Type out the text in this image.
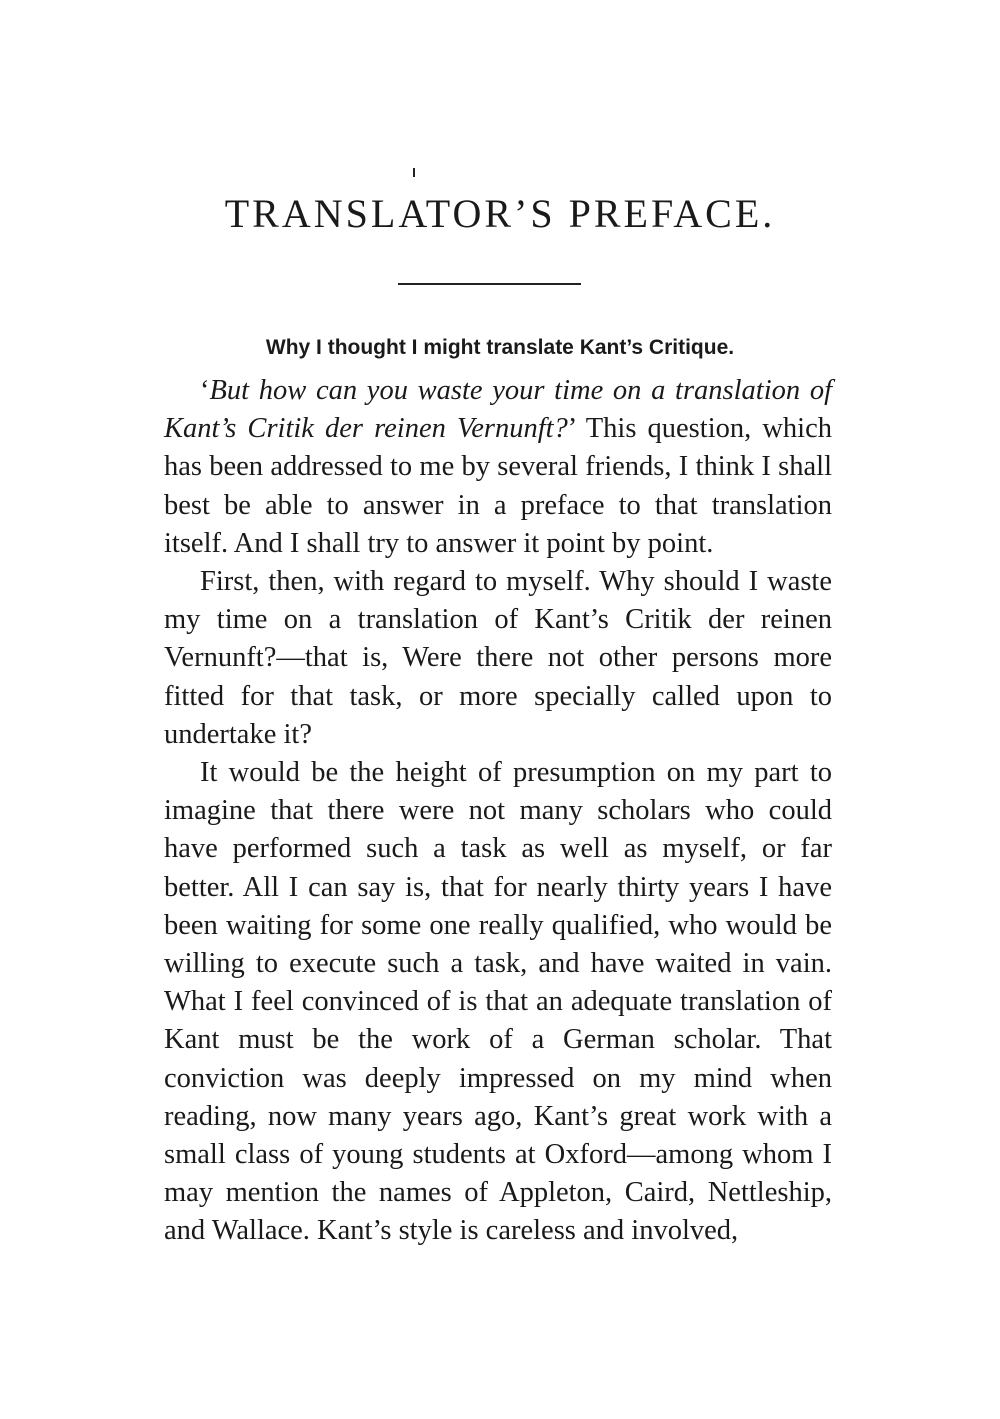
TRANSLATOR’S PREFACE.
Why I thought I might translate Kant’s Critique.

‘But how can you waste your time on a translation of Kant’s Critik der reinen Vernunft?’ This question, which has been addressed to me by several friends, I think I shall best be able to answer in a preface to that translation itself. And I shall try to answer it point by point.

First, then, with regard to myself. Why should I waste my time on a translation of Kant’s Critik der reinen Vernunft?—that is, Were there not other persons more fitted for that task, or more specially called upon to undertake it?

It would be the height of presumption on my part to imagine that there were not many scholars who could have performed such a task as well as myself, or far better. All I can say is, that for nearly thirty years I have been waiting for some one really qualified, who would be willing to execute such a task, and have waited in vain. What I feel convinced of is that an adequate translation of Kant must be the work of a German scholar. That conviction was deeply impressed on my mind when reading, now many years ago, Kant’s great work with a small class of young students at Oxford—among whom I may mention the names of Appleton, Caird, Nettleship, and Wallace. Kant’s style is careless and involved,
